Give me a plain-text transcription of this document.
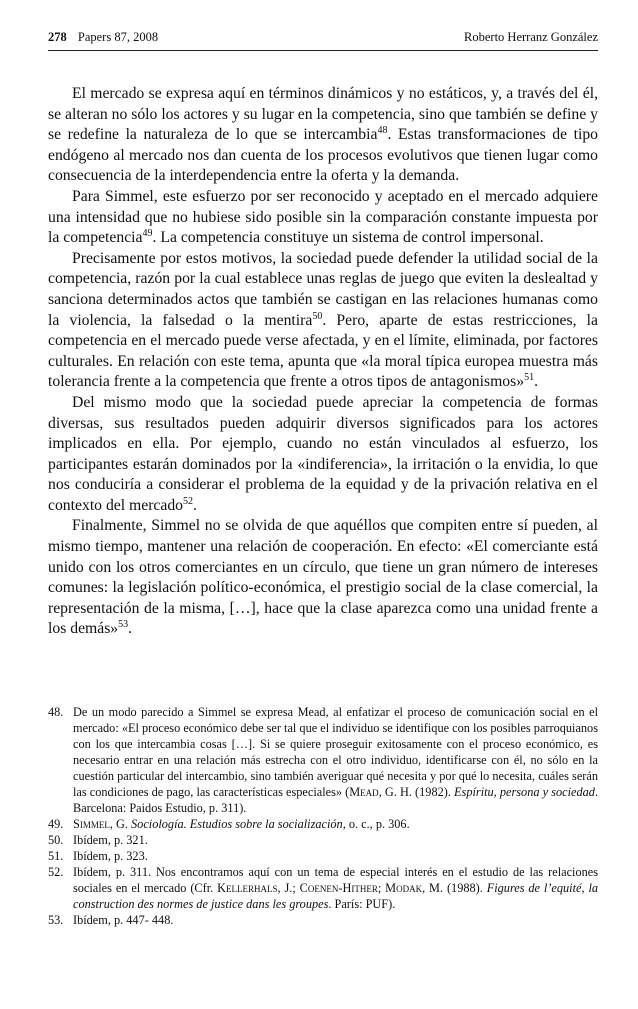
278 Papers 87, 2008	Roberto Herranz González

El mercado se expresa aquí en términos dinámicos y no estáticos, y, a través del él, se alteran no sólo los actores y su lugar en la competencia, sino que también se define y se redefine la naturaleza de lo que se intercambia$^{48}$. Estas transformaciones de tipo endógeno al mercado nos dan cuenta de los procesos evolutivos que tienen lugar como consecuencia de la interdependencia entre la oferta y la demanda.

Para Simmel, este esfuerzo por ser reconocido y aceptado en el mercado adquiere una intensidad que no hubiese sido posible sin la comparación constante impuesta por la competencia$^{49}$. La competencia constituye un sistema de control impersonal.

Precisamente por estos motivos, la sociedad puede defender la utilidad social de la competencia, razón por la cual establece unas reglas de juego que eviten la deslealtad y sanciona determinados actos que también se castigan en las relaciones humanas como la violencia, la falsedad o la mentira$^{50}$. Pero, aparte de estas restricciones, la competencia en el mercado puede verse afectada, y en el límite, eliminada, por factores culturales. En relación con este tema, apunta que «la moral típica europea muestra más tolerancia frente a la competencia que frente a otros tipos de antagonismos»$^{51}$.

Del mismo modo que la sociedad puede apreciar la competencia de formas diversas, sus resultados pueden adquirir diversos significados para los actores implicados en ella. Por ejemplo, cuando no están vinculados al esfuerzo, los participantes estarán dominados por la «indiferencia», la irritación o la envidia, lo que nos conduciría a considerar el problema de la equidad y de la privación relativa en el contexto del mercado$^{52}$.

Finalmente, Simmel no se olvida de que aquéllos que compiten entre sí pueden, al mismo tiempo, mantener una relación de cooperación. En efecto: «El comerciante está unido con los otros comerciantes en un círculo, que tiene un gran número de intereses comunes: la legislación político-económica, el prestigio social de la clase comercial, la representación de la misma, […], hace que la clase aparezca como una unidad frente a los demás»$^{53}$.

48. De un modo parecido a Simmel se expresa Mead, al enfatizar el proceso de comunicación social en el mercado: «El proceso económico debe ser tal que el individuo se identifique con los posibles parroquianos con los que intercambia cosas […]. Si se quiere proseguir exitosamente con el proceso económico, es necesario entrar en una relación más estrecha con el otro individuo, identificarse con él, no sólo en la cuestión particular del intercambio, sino también averiguar qué necesita y por qué lo necesita, cuáles serán las condiciones de pago, las características especiales» (Mead, G. H. (1982). Espíritu, persona y sociedad. Barcelona: Paidos Estudio, p. 311).
49. Simmel, G. Sociología. Estudios sobre la socialización, o. c., p. 306.
50. Ibídem, p. 321.
51. Ibídem, p. 323.
52. Ibídem, p. 311. Nos encontramos aquí con un tema de especial interés en el estudio de las relaciones sociales en el mercado (Cfr. Kellerhals, J.; Coenen-Hither; Modak, M. (1988). Figures de l’equité, la construction des normes de justice dans les groupes. París: PUF).
53. Ibídem, p. 447- 448.
